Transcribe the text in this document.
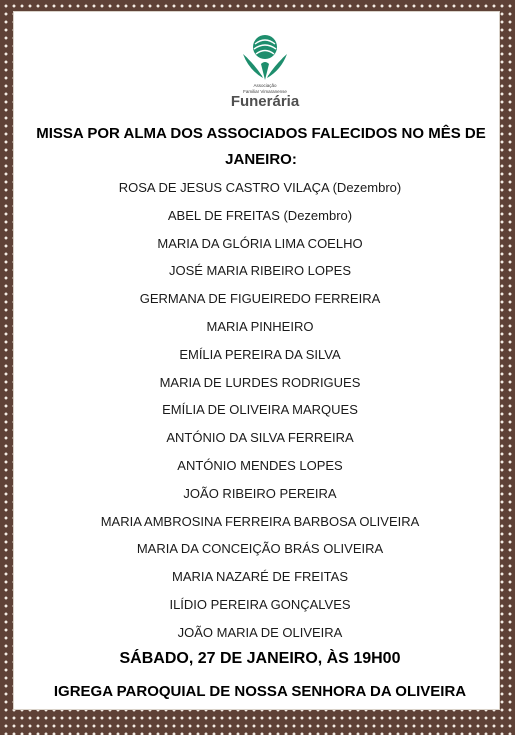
Associação
Familiar Vimaranense
Funerária
MISSA POR ALMA DOS ASSOCIADOS FALECIDOS NO MÊS DE
JANEIRO:
ROSA DE JESUS CASTRO VILAÇA (Dezembro)
ABEL DE FREITAS (Dezembro)
MARIA DA GLÓRIA LIMA COELHO
JOSÉ MARIA RIBEIRO LOPES
GERMANA DE FIGUEIREDO FERREIRA
MARIA PINHEIRO
EMÍLIA PEREIRA DA SILVA
MARIA DE LURDES RODRIGUES
EMÍLIA DE OLIVEIRA MARQUES
ANTÓNIO DA SILVA FERREIRA
ANTÓNIO MENDES LOPES
JOÃO RIBEIRO PEREIRA
MARIA AMBROSINA FERREIRA BARBOSA OLIVEIRA
MARIA DA CONCEIÇÃO BRÁS OLIVEIRA
MARIA NAZARÉ DE FREITAS
ILÍDIO PEREIRA GONÇALVES
JOÃO MARIA DE OLIVEIRA
SÁBADO, 27 DE JANEIRO, ÀS 19H00
IGREGA PAROQUIAL DE NOSSA SENHORA DA OLIVEIRA
